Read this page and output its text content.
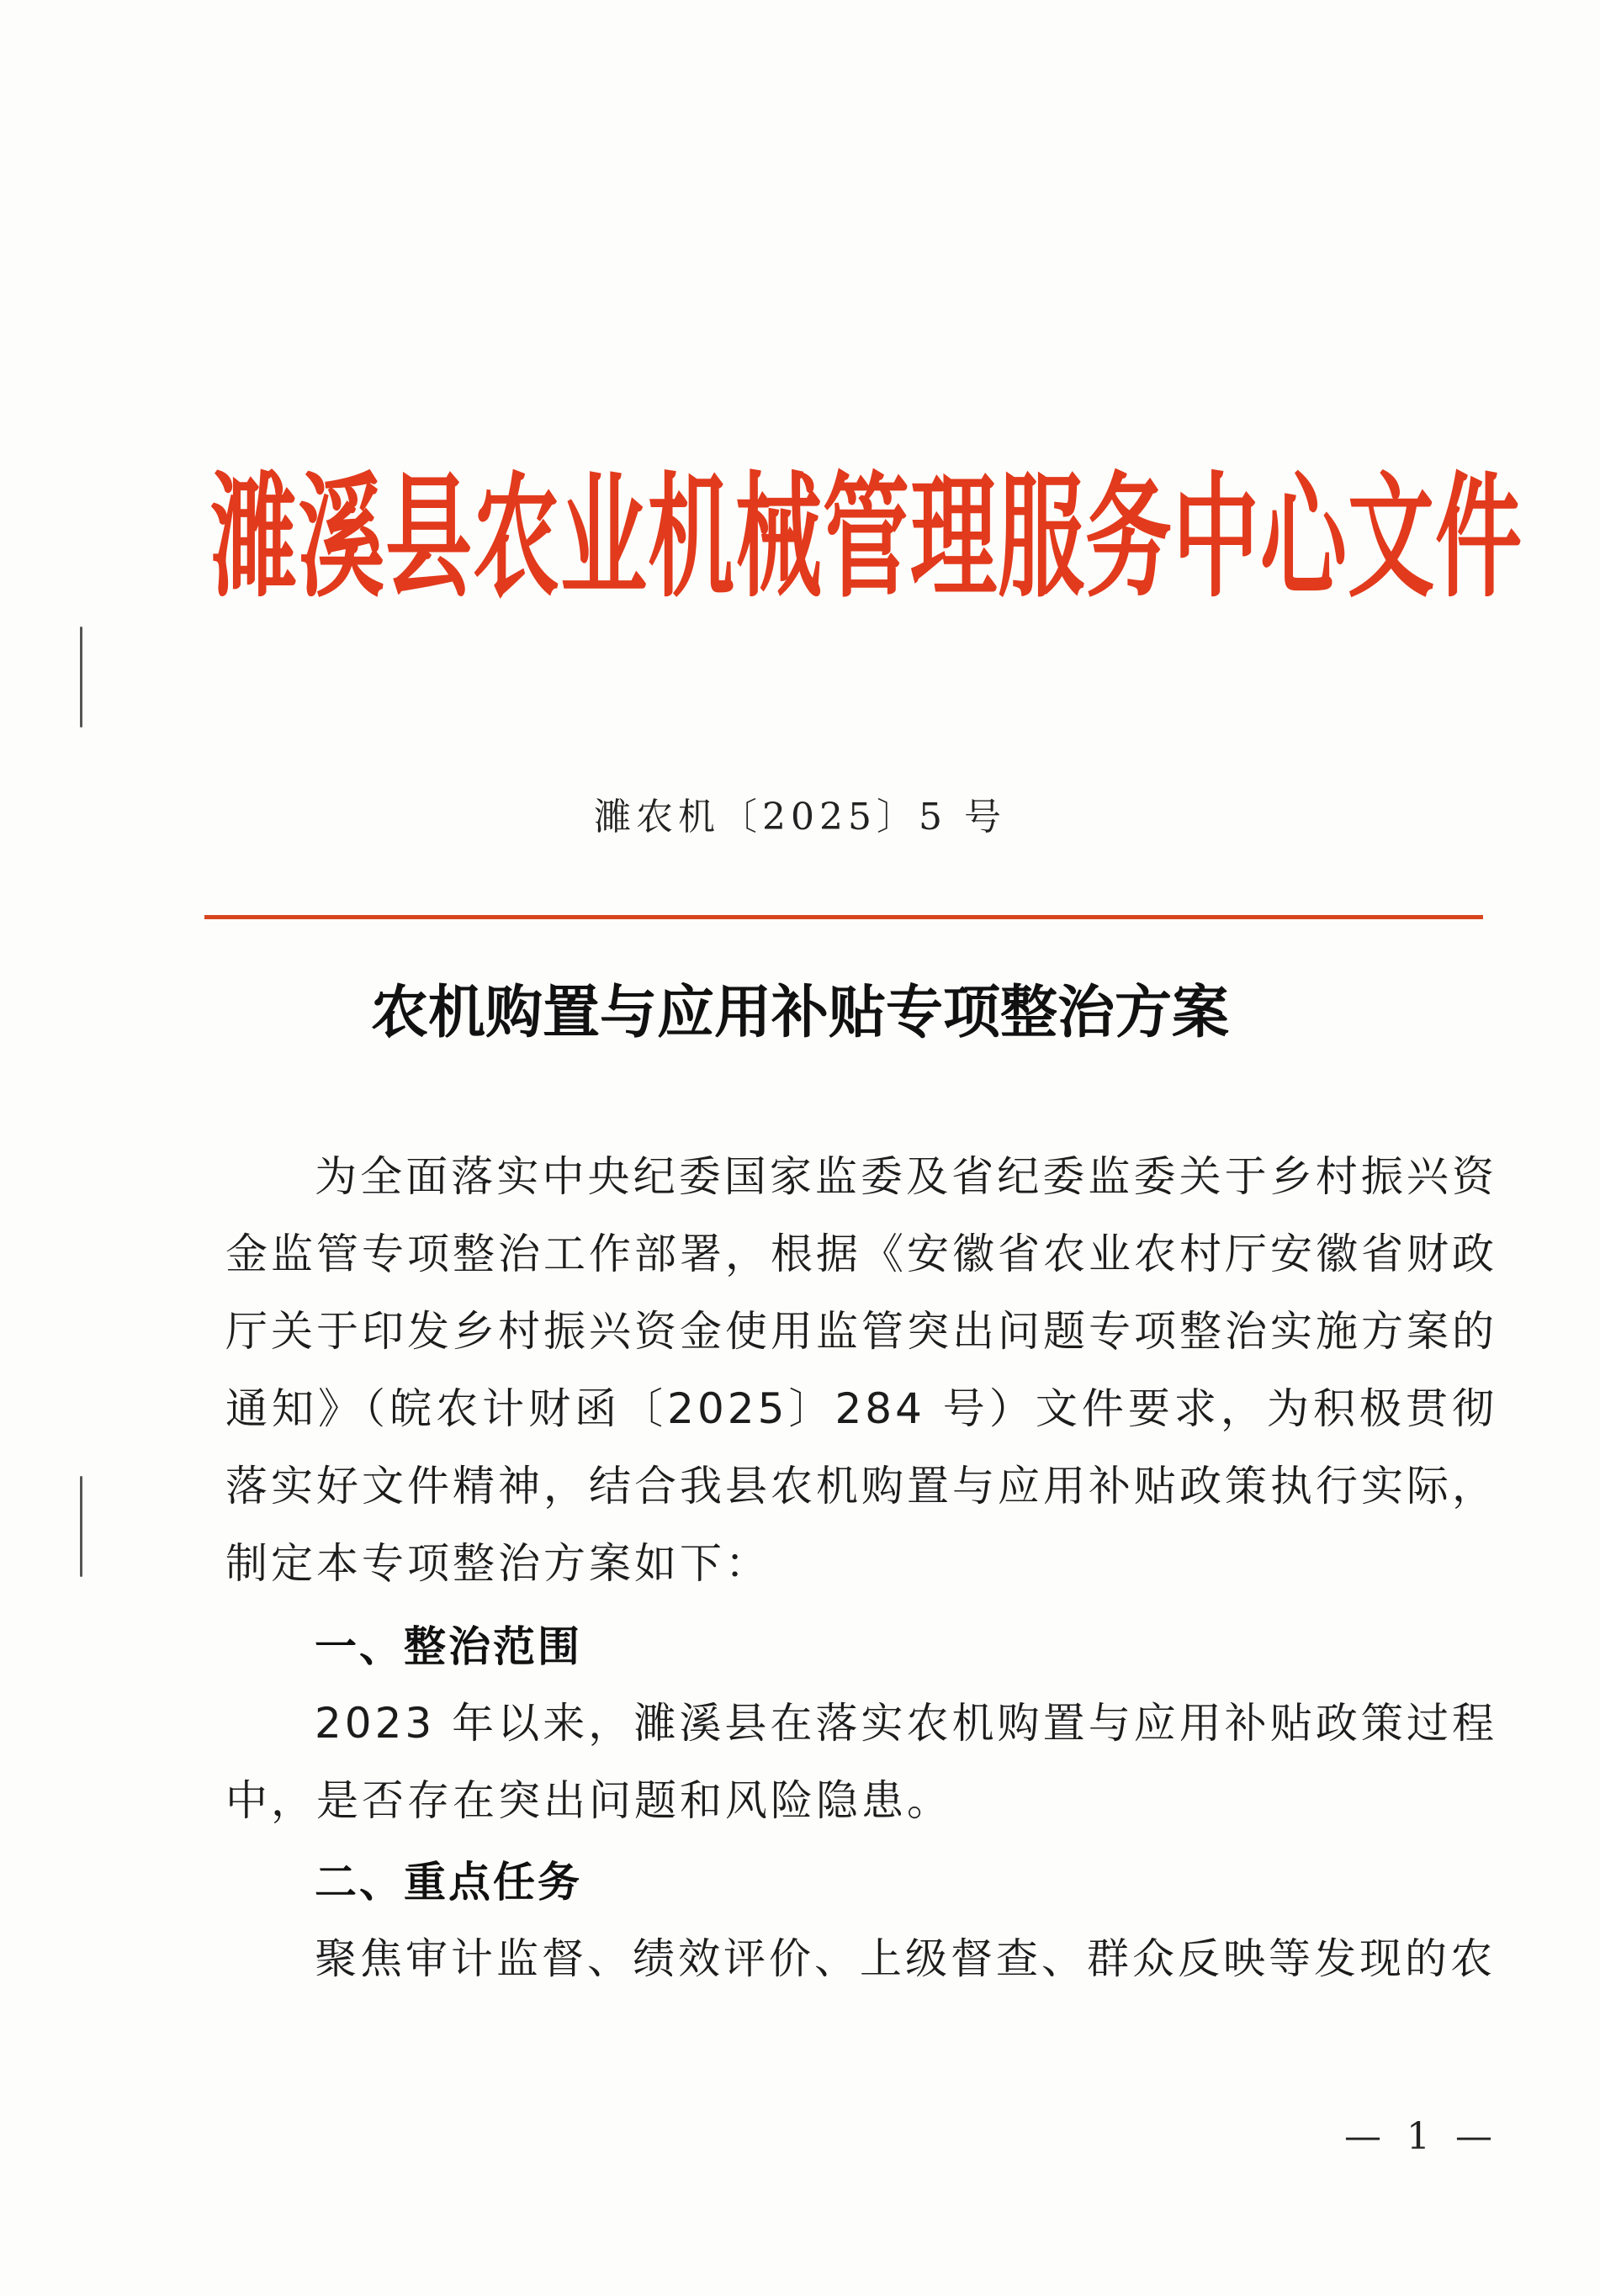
濉溪县农业机械管理服务中心文件
濉农机〔2025〕5 号
农机购置与应用补贴专项整治方案
为全面落实中央纪委国家监委及省纪委监委关于乡村振兴资金监管专项整治工作部署，根据《安徽省农业农村厅安徽省财政厅关于印发乡村振兴资金使用监管突出问题专项整治实施方案的通知》（皖农计财函〔2025〕284 号）文件要求，为积极贯彻落实好文件精神，结合我县农机购置与应用补贴政策执行实际，制定本专项整治方案如下：
一、整治范围
2023 年以来，濉溪县在落实农机购置与应用补贴政策过程中，是否存在突出问题和风险隐患。
二、重点任务
聚焦审计监督、绩效评价、上级督查、群众反映等发现的农
— 1 —
